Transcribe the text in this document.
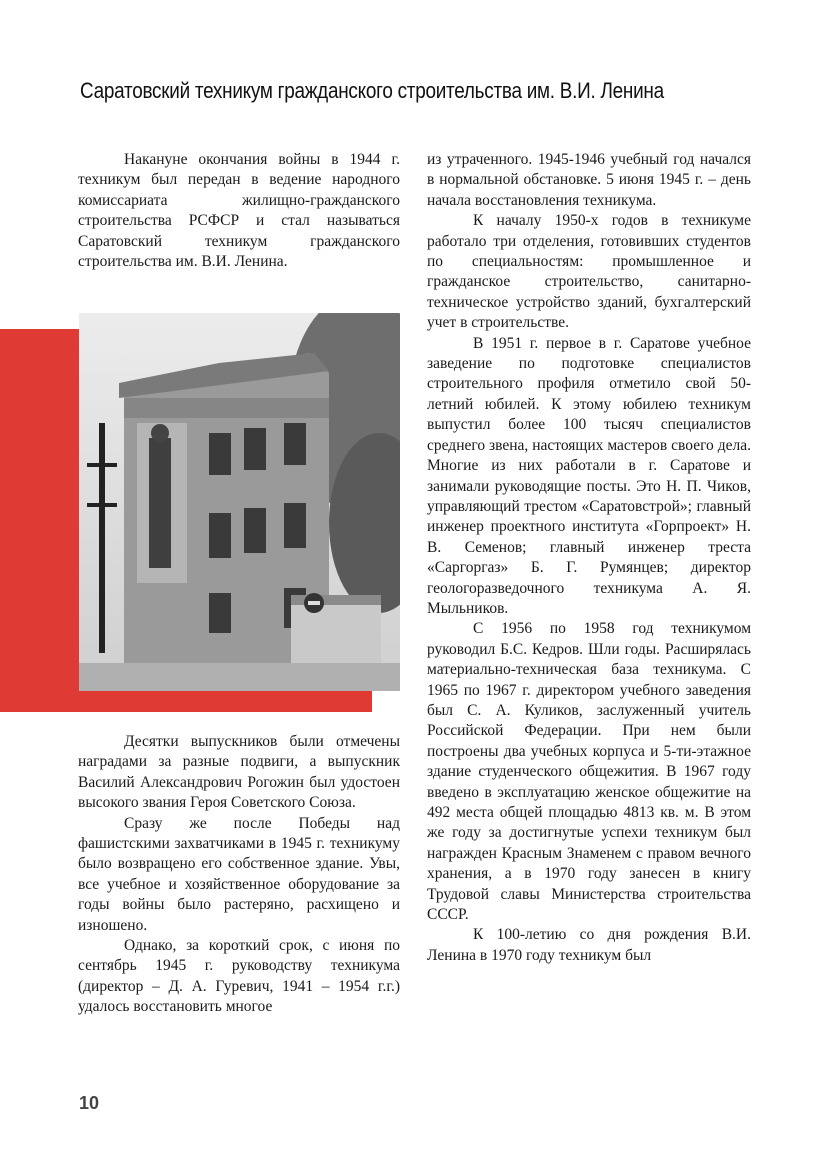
Саратовский техникум гражданского строительства им. В.И. Ленина

Накануне окончания войны в 1944 г. техникум был передан в ведение народного комиссариата жилищно-гражданского строительства РСФСР и стал называться Саратовский техникум гражданского строительства им. В.И. Ленина.

Десятки выпускников были отмечены наградами за разные подвиги, а выпускник Василий Александрович Рогожин был удостоен высокого звания Героя Советского Союза.

Сразу же после Победы над фашистскими захватчиками в 1945 г. техникуму было возвращено его собственное здание. Увы, все учебное и хозяйственное оборудование за годы войны было растеряно, расхищено и изношено.

Однако, за короткий срок, с июня по сентябрь 1945 г. руководству техникума (директор – Д. А. Гуревич, 1941 – 1954 г.г.) удалось восстановить многое

из утраченного. 1945-1946 учебный год начался в нормальной обстановке. 5 июня 1945 г. – день начала восстановления техникума.

К началу 1950-х годов в техникуме работало три отделения, готовивших студентов по специальностям: промышленное и гражданское строительство, санитарно-техническое устройство зданий, бухгалтерский учет в строительстве.

В 1951 г. первое в г. Саратове учебное заведение по подготовке специалистов строительного профиля отметило свой 50-летний юбилей. К этому юбилею техникум выпустил более 100 тысяч специалистов среднего звена, настоящих мастеров своего дела. Многие из них работали в г. Саратове и занимали руководящие посты. Это Н. П. Чиков, управляющий трестом «Саратовстрой»; главный инженер проектного института «Горпроект» Н. В. Семенов; главный инженер треста «Саргоргаз» Б. Г. Румянцев; директор геологоразведочного техникума А. Я. Мыльников.

С 1956 по 1958 год техникумом руководил Б.С. Кедров. Шли годы. Расширялась материально-техническая база техникума. С 1965 по 1967 г. директором учебного заведения был С. А. Куликов, заслуженный учитель Российской Федерации. При нем были построены два учебных корпуса и 5-ти-этажное здание студенческого общежития. В 1967 году введено в эксплуатацию женское общежитие на 492 места общей площадью 4813 кв. м. В этом же году за достигнутые успехи техникум был награжден Красным Знаменем с правом вечного хранения, а в 1970 году занесен в книгу Трудовой славы Министерства строительства СССР.

К 100-летию со дня рождения В.И. Ленина в 1970 году техникум был

10
